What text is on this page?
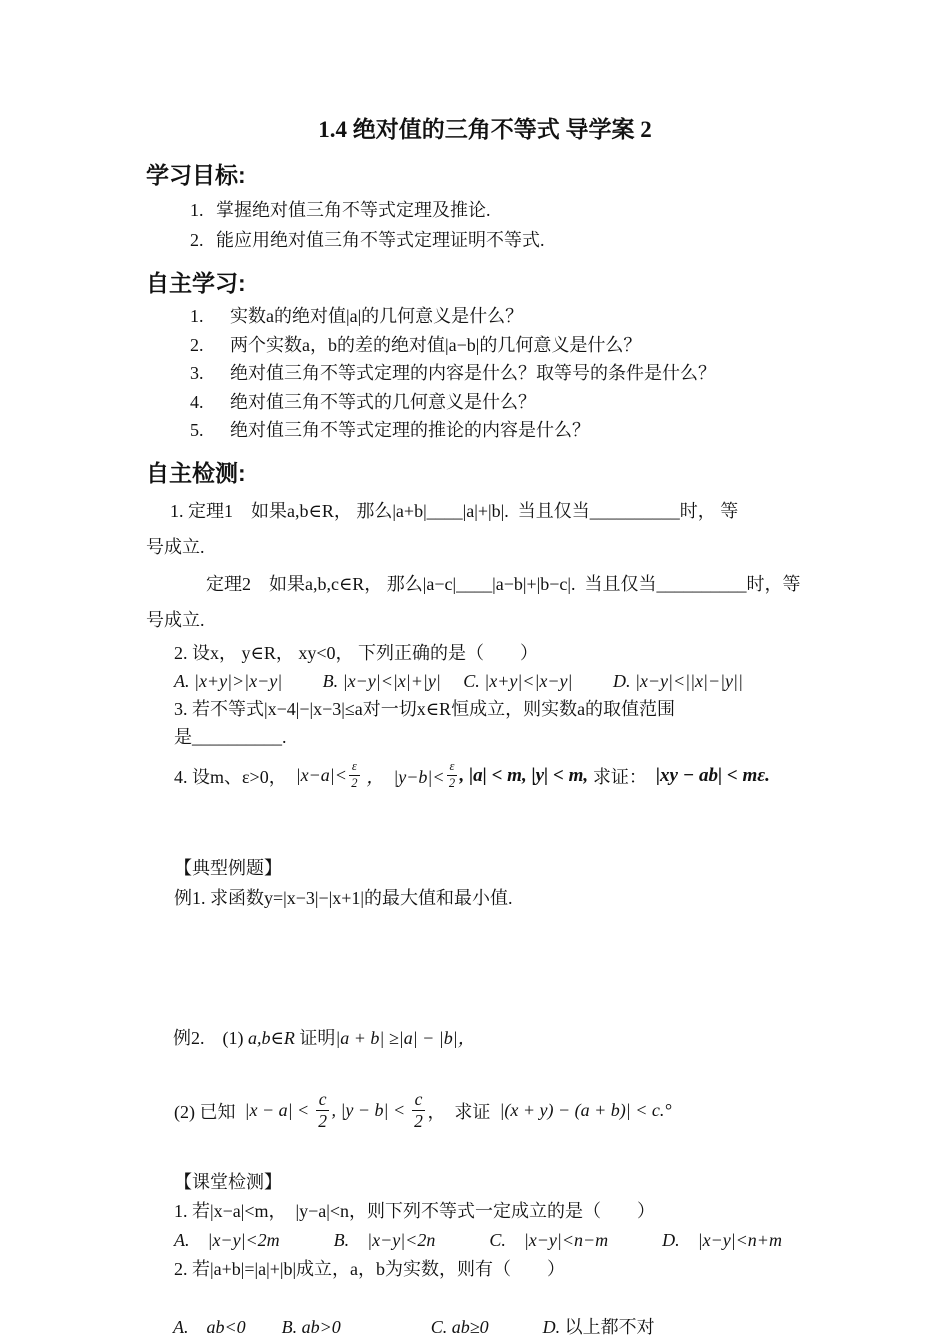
1.4 绝对值的三角不等式 导学案 2
学习目标:
1. 掌握绝对值三角不等式定理及推论.
2. 能应用绝对值三角不等式定理证明不等式.
自主学习:
1.	实数a的绝对值|a|的几何意义是什么？
2.	两个实数a，b的差的绝对值|a−b|的几何意义是什么？
3.	绝对值三角不等式定理的内容是什么？取等号的条件是什么？
4.	绝对值三角不等式的几何意义是什么？
5.	绝对值三角不等式定理的推论的内容是什么？
自主检测:
1. 定理1　如果a,b∈R， 那么|a+b|____|a|+|b|.  当且仅当__________时， 等
号成立.
定理2　如果a,b,c∈R， 那么|a−c|____|a−b|+|b−c|.  当且仅当__________时，等
号成立.
2. 设x， y∈R， xy<0， 下列正确的是（　　）
A. |x+y|>|x−y|　　 B. |x−y|<|x|+|y|　 C. |x+y|<|x−y|　　 D. |x−y|<||x|−|y||
3. 若不等式|x−4|−|x−3|≤a对一切x∈R恒成立，则实数a的取值范围
是__________.
4. 设m、ε>0， $|x-a|< \frac{\varepsilon}{2}$ ，  $|y-b|< \frac{\varepsilon}{2}$ , |a| < m, |y| < m, 求证： |xy − ab| < mε.
【典型例题】
例1. 求函数y=|x−3|−|x+1|的最大值和最小值.

例2.　(1) a,b∈R 证明|a + b| ≥|a| − |b|，

(2) 已知 $|x - a| < \frac{c}{2}$ , $|y - b| < \frac{c}{2}$ ，  求证 |(x + y) − (a + b)| < c.°
【课堂检测】
1. 若|x−a|<m，  |y−a|<n，则下列不等式一定成立的是（　　）
A.　|x−y|<2m　　　B.　|x−y|<2n　　　C.　|x−y|<n−m　　　D.　|x−y|<n+m
2. 若|a+b|=|a|+|b|成立，a，b为实数，则有（　　）

A.　ab<0　　B. ab>0　　　　　C. ab≥0　　　D. 以上都不对
